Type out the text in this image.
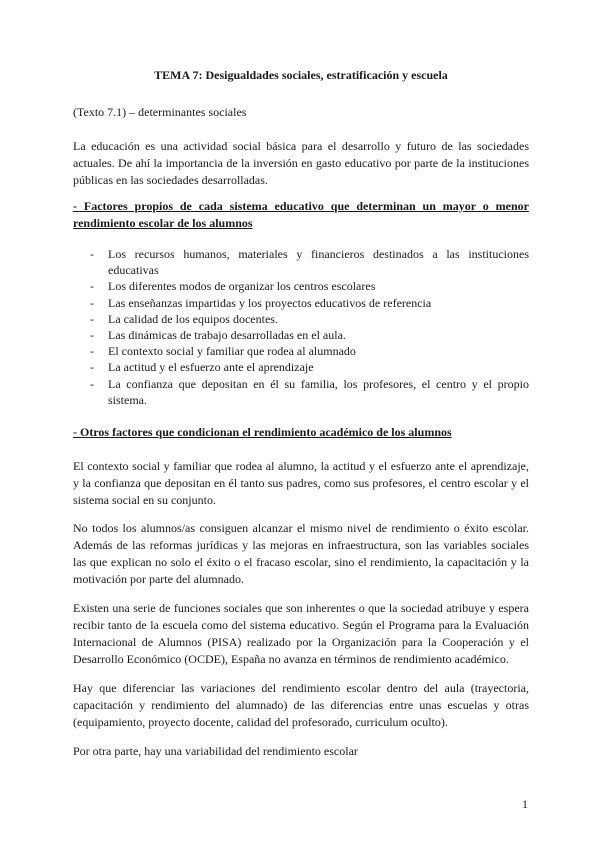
TEMA 7: Desigualdades sociales, estratificación y escuela

(Texto 7.1) – determinantes sociales

La educación es una actividad social básica para el desarrollo y futuro de las sociedades actuales. De ahí la importancia de la inversión en gasto educativo por parte de la instituciones públicas en las sociedades desarrolladas.

- Factores propios de cada sistema educativo que determinan un mayor o menor rendimiento escolar de los alumnos

- Los recursos humanos, materiales y financieros destinados a las instituciones educativas
- Los diferentes modos de organizar los centros escolares
- Las enseñanzas impartidas y los proyectos educativos de referencia
- La calidad de los equipos docentes.
- Las dinámicas de trabajo desarrolladas en el aula.
- El contexto social y familiar que rodea al alumnado
- La actitud y el esfuerzo ante el aprendizaje
- La confianza que depositan en él su familia, los profesores, el centro y el propio sistema.

- Otros factores que condicionan el rendimiento académico de los alumnos

El contexto social y familiar que rodea al alumno, la actitud y el esfuerzo ante el aprendizaje, y la confianza que depositan en él tanto sus padres, como sus profesores, el centro escolar y el sistema social en su conjunto.

No todos los alumnos/as consiguen alcanzar el mismo nivel de rendimiento o éxito escolar. Además de las reformas jurídicas y las mejoras en infraestructura, son las variables sociales las que explican no solo el éxito o el fracaso escolar, sino el rendimiento, la capacitación y la motivación por parte del alumnado.

Existen una serie de funciones sociales que son inherentes o que la sociedad atribuye y espera recibir tanto de la escuela como del sistema educativo. Según el Programa para la Evaluación Internacional de Alumnos (PISA) realizado por la Organización para la Cooperación y el Desarrollo Económico (OCDE), España no avanza en términos de rendimiento académico.

Hay que diferenciar las variaciones del rendimiento escolar dentro del aula (trayectoria, capacitación y rendimiento del alumnado) de las diferencias entre unas escuelas y otras (equipamiento, proyecto docente, calidad del profesorado, curriculum oculto).

Por otra parte, hay una variabilidad del rendimiento escolar

1
